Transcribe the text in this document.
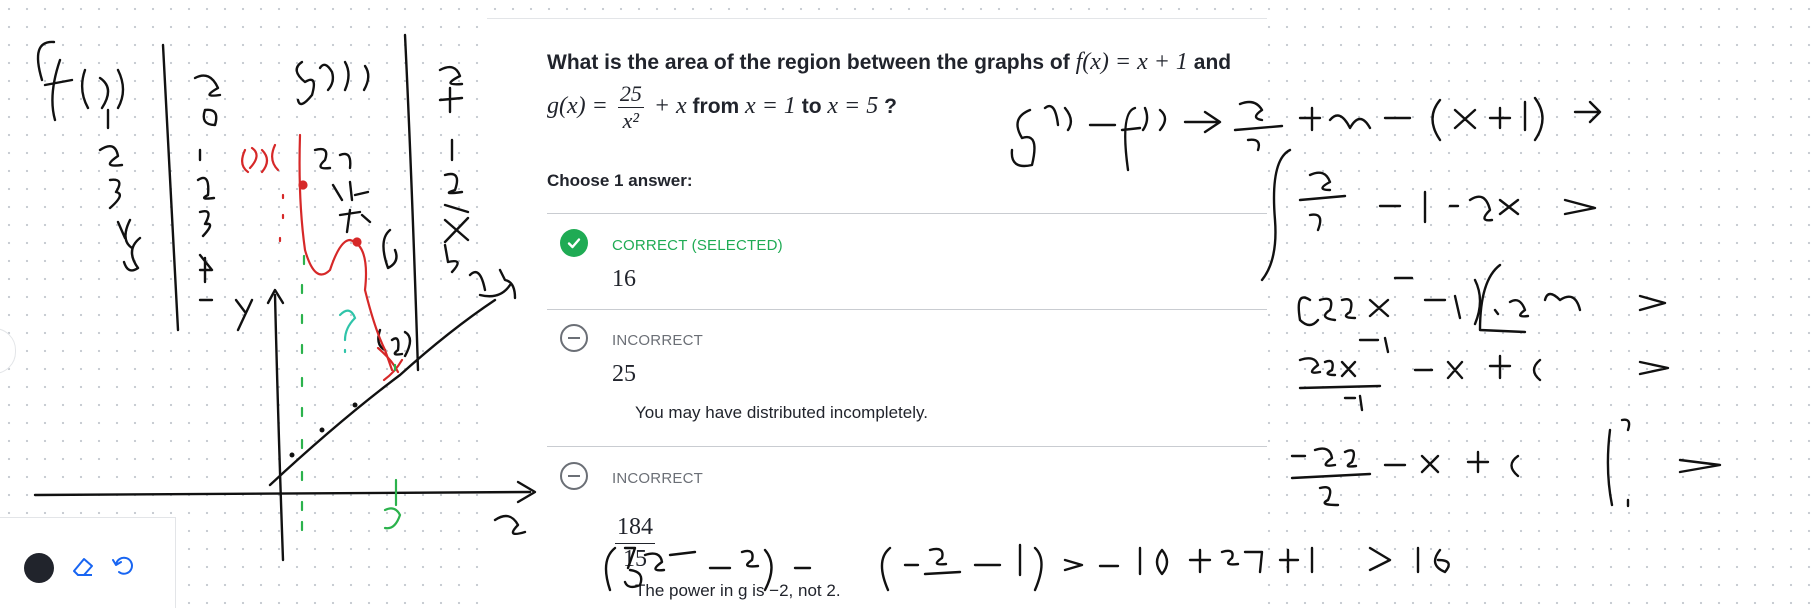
What is the area of the region between the graphs of f(x) = x + 1 and
$g(x) = \frac{25}{\text{x²}} + x$ from x = 1 to x = 5 ?
Choose 1 answer:
CORRECT (SELECTED)
16
INCORRECT
25
You may have distributed incompletely.
INCORRECT
$\frac{184}{15}$
The power in g is −2, not 2.
